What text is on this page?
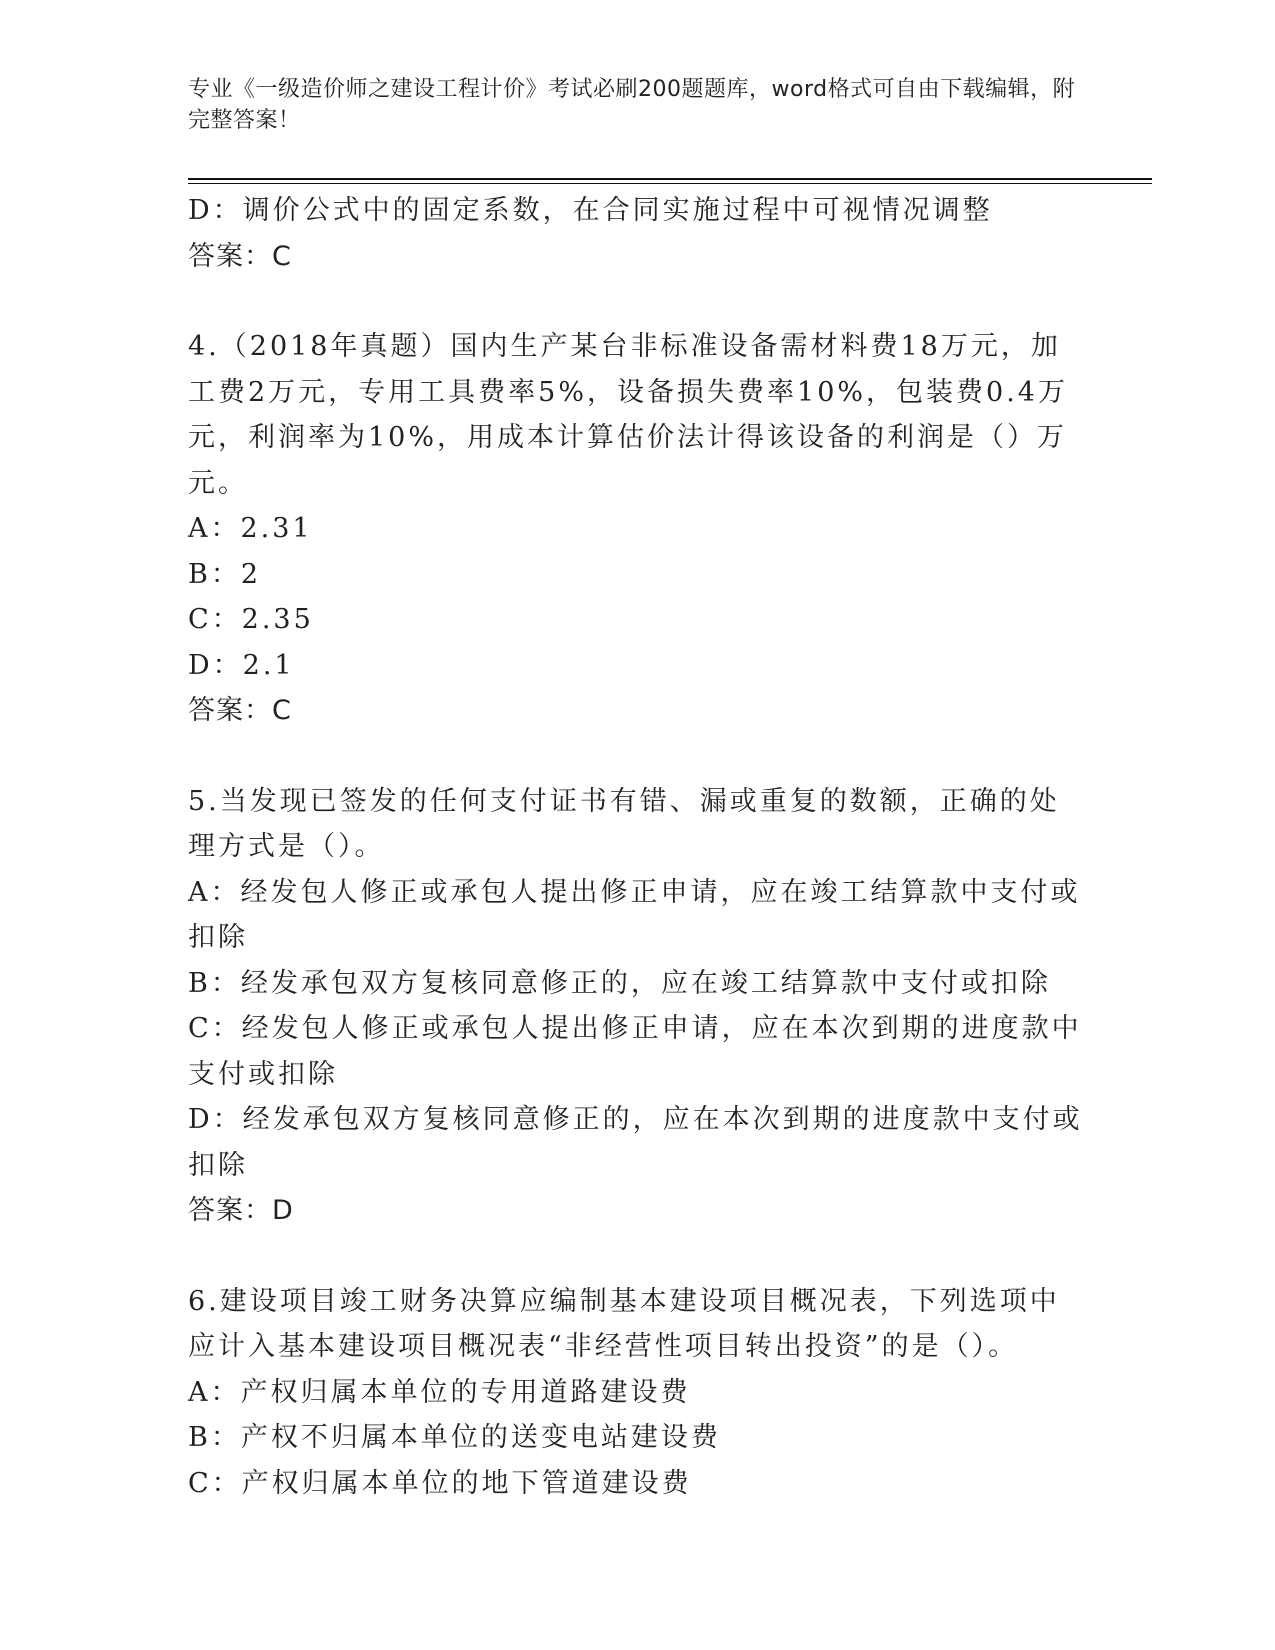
专业《一级造价师之建设工程计价》考试必刷200题题库，word格式可自由下载编辑，附完整答案！
D：调价公式中的固定系数，在合同实施过程中可视情况调整
答案：C
4.（2018年真题）国内生产某台非标准设备需材料费18万元，加工费2万元，专用工具费率5%，设备损失费率10%，包装费0.4万元，利润率为10%，用成本计算估价法计得该设备的利润是（）万元。
A：2.31
B：2
C：2.35
D：2.1
答案：C
5.当发现已签发的任何支付证书有错、漏或重复的数额，正确的处理方式是（）。
A：经发包人修正或承包人提出修正申请，应在竣工结算款中支付或扣除
B：经发承包双方复核同意修正的，应在竣工结算款中支付或扣除
C：经发包人修正或承包人提出修正申请，应在本次到期的进度款中支付或扣除
D：经发承包双方复核同意修正的，应在本次到期的进度款中支付或扣除
答案：D
6.建设项目竣工财务决算应编制基本建设项目概况表，下列选项中应计入基本建设项目概况表“非经营性项目转出投资”的是（）。
A：产权归属本单位的专用道路建设费
B：产权不归属本单位的送变电站建设费
C：产权归属本单位的地下管道建设费
